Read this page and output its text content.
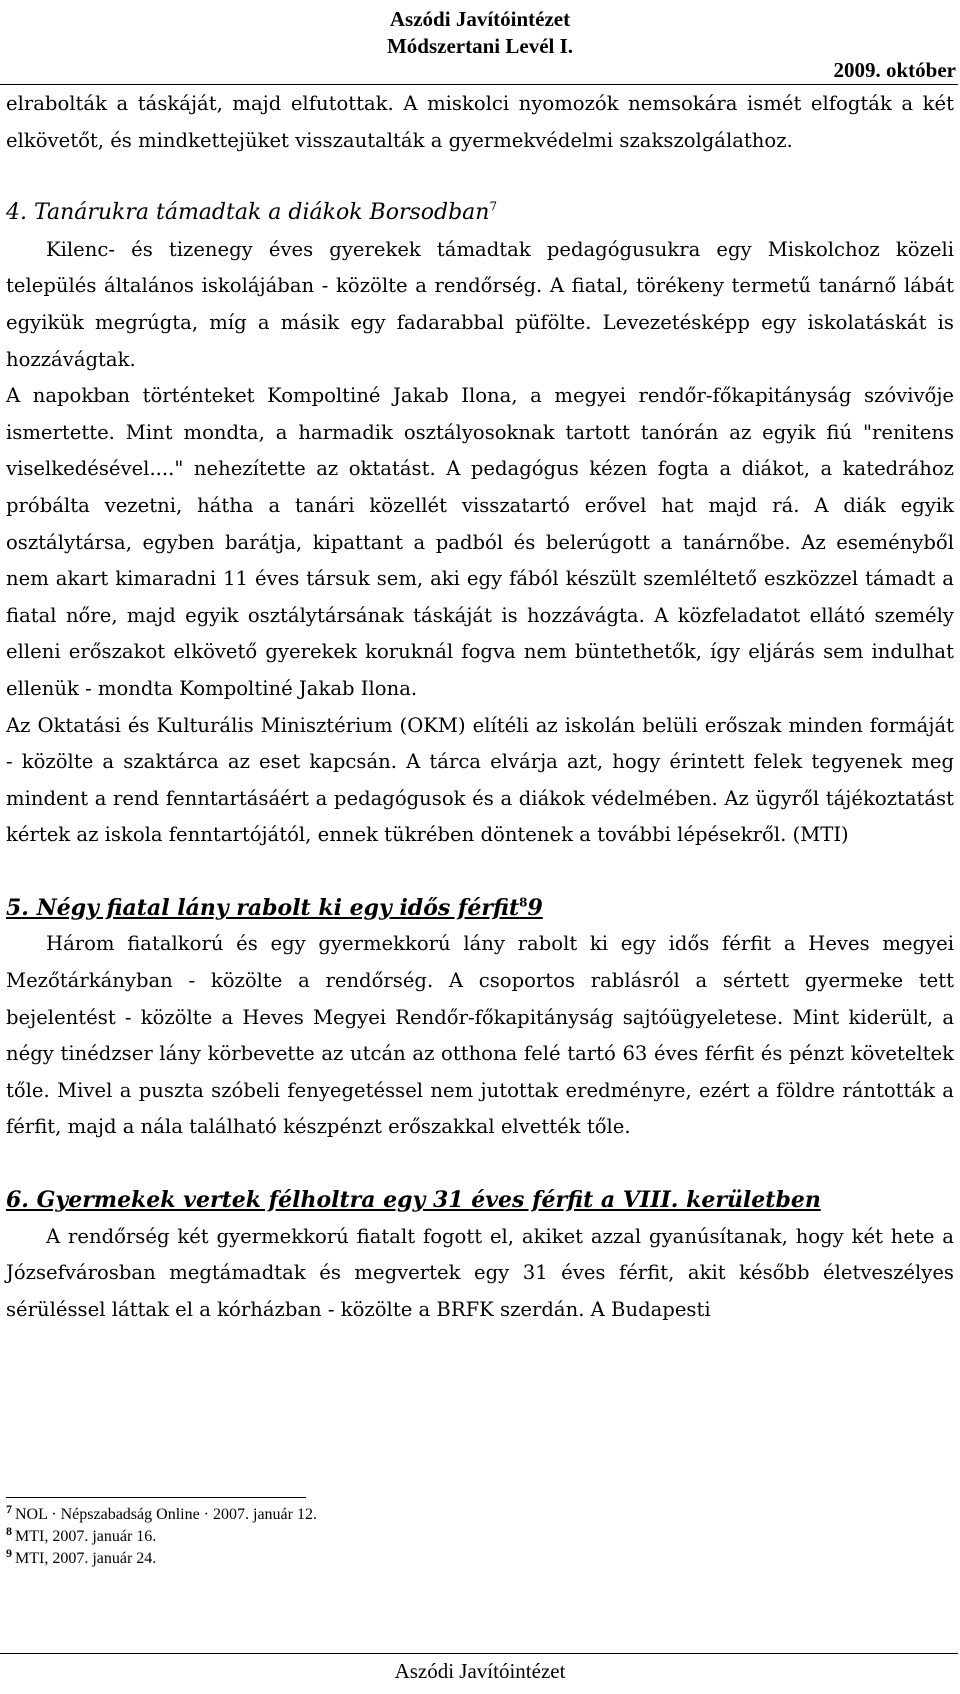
Aszódi Javítóintézet
Módszertani Levél I.
2009. október

elrabolták a táskáját, majd elfutottak. A miskolci nyomozók nemsokára ismét elfogták a két elkövetőt, és mindkettejüket visszautalták a gyermekvédelmi szakszolgálathoz.

4. Tanárukra támadtak a diákok Borsodban$^7$

Kilenc- és tizenegy éves gyerekek támadtak pedagógusukra egy Miskolchoz közeli település általános iskolájában - közölte a rendőrség. A fiatal, törékeny termetű tanárnő lábát egyikük megrúgta, míg a másik egy fadarabbal püfölte. Levezetésképp egy iskolatáskát is hozzávágtak.

A napokban történteket Kompoltiné Jakab Ilona, a megyei rendőr-főkapitányság szóvivője ismertette. Mint mondta, a harmadik osztályosoknak tartott tanórán az egyik fiú "renitens viselkedésével...." nehezítette az oktatást. A pedagógus kézen fogta a diákot, a katedrához próbálta vezetni, hátha a tanári közellét visszatartó erővel hat majd rá. A diák egyik osztálytársa, egyben barátja, kipattant a padból és belerúgott a tanárnőbe. Az eseményből nem akart kimaradni 11 éves társuk sem, aki egy fából készült szemléltető eszközzel támadt a fiatal nőre, majd egyik osztálytársának táskáját is hozzávágta. A közfeladatot ellátó személy elleni erőszakot elkövető gyerekek koruknál fogva nem büntethetők, így eljárás sem indulhat ellenük - mondta Kompoltiné Jakab Ilona.

Az Oktatási és Kulturális Minisztérium (OKM) elítéli az iskolán belüli erőszak minden formáját - közölte a szaktárca az eset kapcsán. A tárca elvárja azt, hogy érintett felek tegyenek meg mindent a rend fenntartásáért a pedagógusok és a diákok védelmében. Az ügyről tájékoztatást kértek az iskola fenntartójától, ennek tükrében döntenek a további lépésekről. (MTI)

5. Négy fiatal lány rabolt ki egy idős férfit$^8$9

Három fiatalkorú és egy gyermekkorú lány rabolt ki egy idős férfit a Heves megyei Mezőtárkányban - közölte a rendőrség. A csoportos rablásról a sértett gyermeke tett bejelentést - közölte a Heves Megyei Rendőr-főkapitányság sajtóügyeletese. Mint kiderült, a négy tinédzser lány körbevette az utcán az otthona felé tartó 63 éves férfit és pénzt követeltek tőle. Mivel a puszta szóbeli fenyegetéssel nem jutottak eredményre, ezért a földre rántották a férfit, majd a nála található készpénzt erőszakkal elvették tőle.

6. Gyermekek vertek félholtra egy 31 éves férfit a VIII. kerületben

A rendőrség két gyermekkorú fiatalt fogott el, akiket azzal gyanúsítanak, hogy két hete a Józsefvárosban megtámadtak és megvertek egy 31 éves férfit, akit később életveszélyes sérüléssel láttak el a kórházban - közölte a BRFK szerdán. A Budapesti

$^7$ NOL · Népszabadság Online · 2007. január 12.
$^8$ MTI, 2007. január 16.
$^9$ MTI, 2007. január 24.
Aszódi Javítóintézet
